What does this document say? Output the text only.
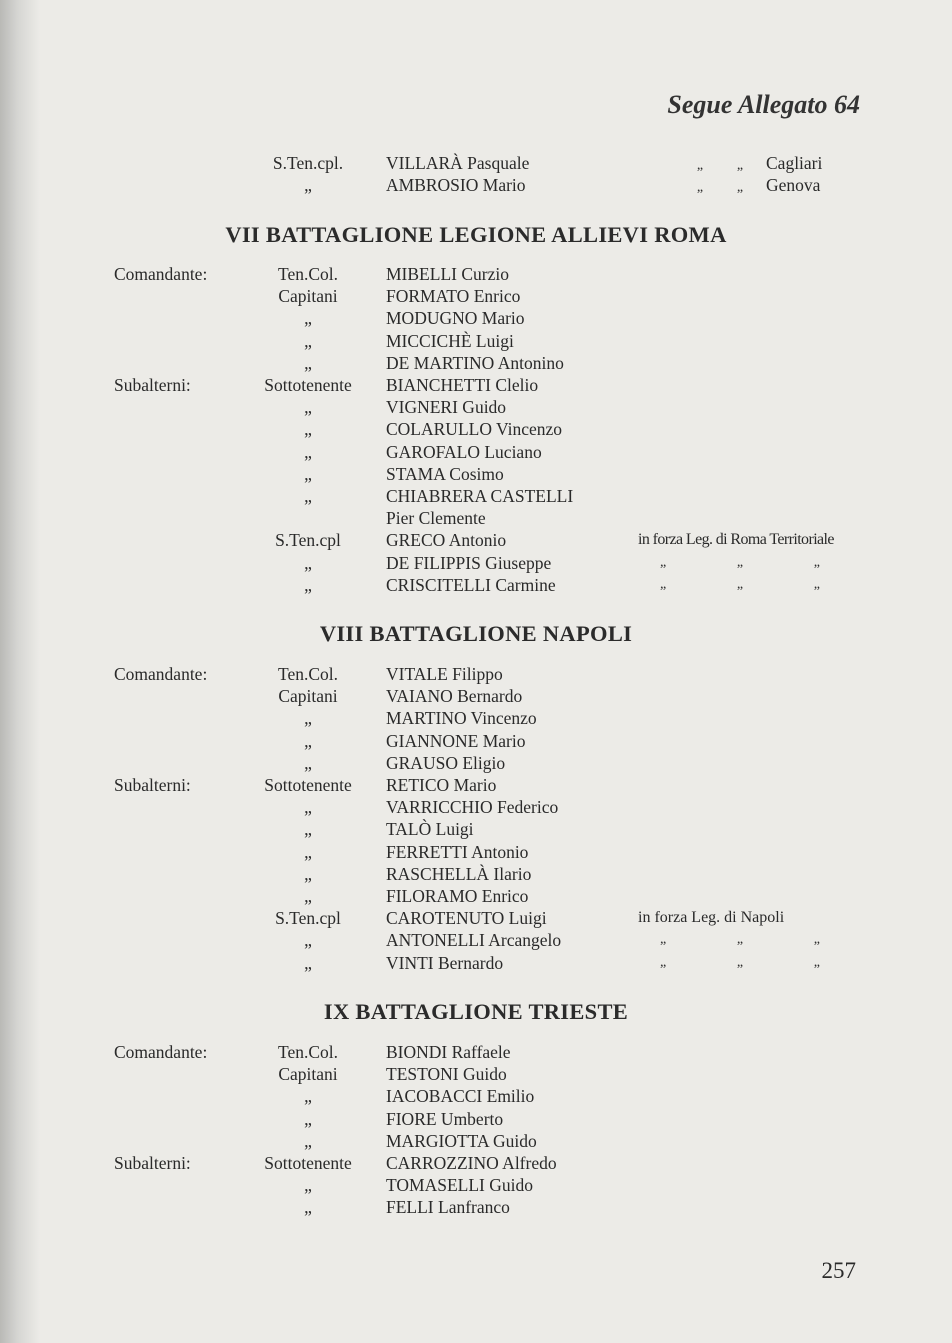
Segue Allegato 64
S.Ten.cpl.	VILLARÀ Pasquale	„ „	Cagliari
„	AMBROSIO Mario	„ „	Genova
VII BATTAGLIONE LEGIONE ALLIEVI ROMA
Comandante:	Ten.Col.	MIBELLI Curzio
Capitani	FORMATO Enrico
„	MODUGNO Mario
„	MICCICHÈ Luigi
„	DE MARTINO Antonino
Subalterni:	Sottotenente	BIANCHETTI Clelio
„	VIGNERI Guido
„	COLARULLO Vincenzo
„	GAROFALO Luciano
„	STAMA Cosimo
„	CHIABRERA CASTELLI
Pier Clemente
S.Ten.cpl	GRECO Antonio	in forza Leg. di Roma Territoriale
„	DE FILIPPIS Giuseppe	„	„	„
„	CRISCITELLI Carmine	„	„	„
VIII BATTAGLIONE NAPOLI
Comandante:	Ten.Col.	VITALE Filippo
Capitani	VAIANO Bernardo
„	MARTINO Vincenzo
„	GIANNONE Mario
„	GRAUSO Eligio
Subalterni:	Sottotenente	RETICO Mario
„	VARRICCHIO Federico
„	TALÒ Luigi
„	FERRETTI Antonio
„	RASCHELLÀ Ilario
„	FILORAMO Enrico
S.Ten.cpl	CAROTENUTO Luigi	in forza Leg. di Napoli
„	ANTONELLI Arcangelo	„	„	„
„	VINTI Bernardo	„	„	„
IX BATTAGLIONE TRIESTE
Comandante:	Ten.Col.	BIONDI Raffaele
Capitani	TESTONI Guido
„	IACOBACCI Emilio
„	FIORE Umberto
„	MARGIOTTA Guido
Subalterni:	Sottotenente	CARROZZINO Alfredo
„	TOMASELLI Guido
„	FELLI Lanfranco
257
